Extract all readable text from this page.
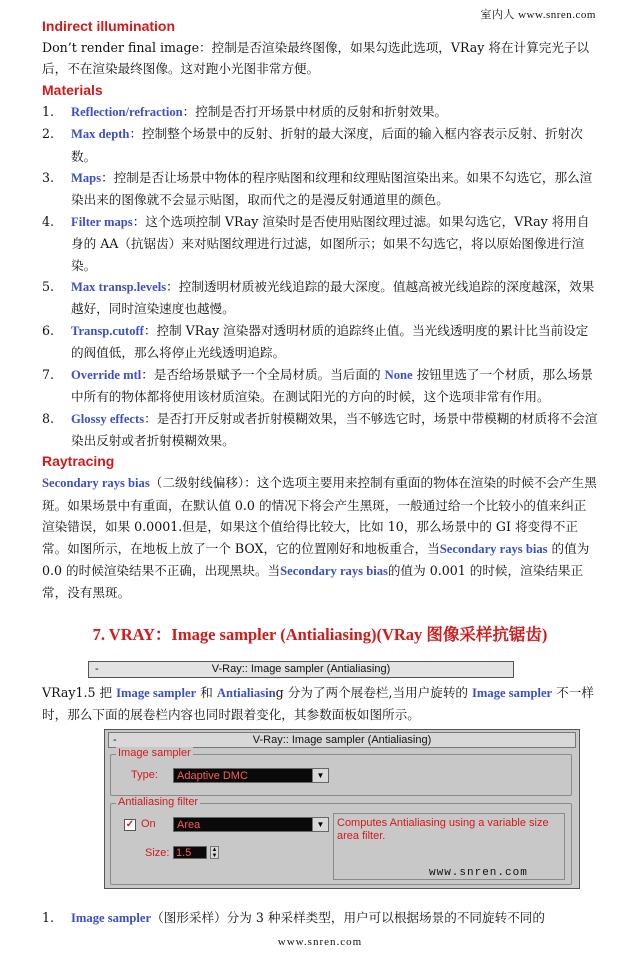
室内人 www.snren.com
Indirect illumination

Don’t render final image：控制是否渲染最终图像，如果勾选此选项，VRay 将在计算完光子以后，不在渲染最终图像。这对跑小光图非常方便。

Materials
1. Reflection/refraction：控制是否打开场景中材质的反射和折射效果。
2. Max depth：控制整个场景中的反射、折射的最大深度，后面的输入框内容表示反射、折射次数。
3. Maps：控制是否让场景中物体的程序贴图和纹理和纹理贴图渲染出来。如果不勾选它，那么渲染出来的图像就不会显示贴图，取而代之的是漫反射通道里的颜色。
4. Filter maps：这个选项控制 VRay 渲染时是否使用贴图纹理过滤。如果勾选它，VRay 将用自身的 AA（抗锯齿）来对贴图纹理进行过滤，如图所示；如果不勾选它，将以原始图像进行渲染。
5. Max transp.levels：控制透明材质被光线追踪的最大深度。值越高被光线追踪的深度越深，效果越好，同时渲染速度也越慢。
6. Transp.cutoff：控制 VRay 渲染器对透明材质的追踪终止值。当光线透明度的累计比当前设定的阀值低，那么将停止光线透明追踪。
7. Override mtl：是否给场景赋予一个全局材质。当后面的 None 按钮里选了一个材质，那么场景中所有的物体都将使用该材质渲染。在测试阳光的方向的时候，这个选项非常有作用。
8. Glossy effects：是否打开反射或者折射模糊效果，当不够选它时，场景中带模糊的材质将不会渲染出反射或者折射模糊效果。
Raytracing

Secondary rays bias（二级射线偏移）：这个选项主要用来控制有重面的物体在渲染的时候不会产生黑斑。如果场景中有重面，在默认值 0.0 的情况下将会产生黑斑，一般通过给一个比较小的值来纠正渲染错误，如果 0.0001.但是，如果这个值给得比较大，比如 10，那么场景中的 GI 将变得不正常。如图所示，在地板上放了一个 BOX，它的位置刚好和地板重合，当Secondary rays bias 的值为 0.0 的时候渲染结果不正确，出现黑块。当Secondary rays bias的值为 0.001 的时候，渲染结果正常，没有黑斑。

7. VRAY：Image sampler (Antialiasing)(VRay 图像采样抗锯齿)
-	V-Ray:: Image sampler (Antialiasing)
VRay1.5 把 Image sampler 和 Antialiasing 分为了两个展卷栏,当用户旋转的 Image sampler 不一样时，那么下面的展卷栏内容也同时跟着变化，其参数面板如图所示。
-	V-Ray:: Image sampler (Antialiasing)
Image sampler
Type:	Adaptive DMC	▼
Antialiasing filter
✓ On	Area	▼
Size: 1.5	▲
▼
Computes Antialiasing using a variable size area filter.
www.snren.com
1. Image sampler（图形采样）分为 3 种采样类型，用户可以根据场景的不同旋转不同的
www.snren.com
